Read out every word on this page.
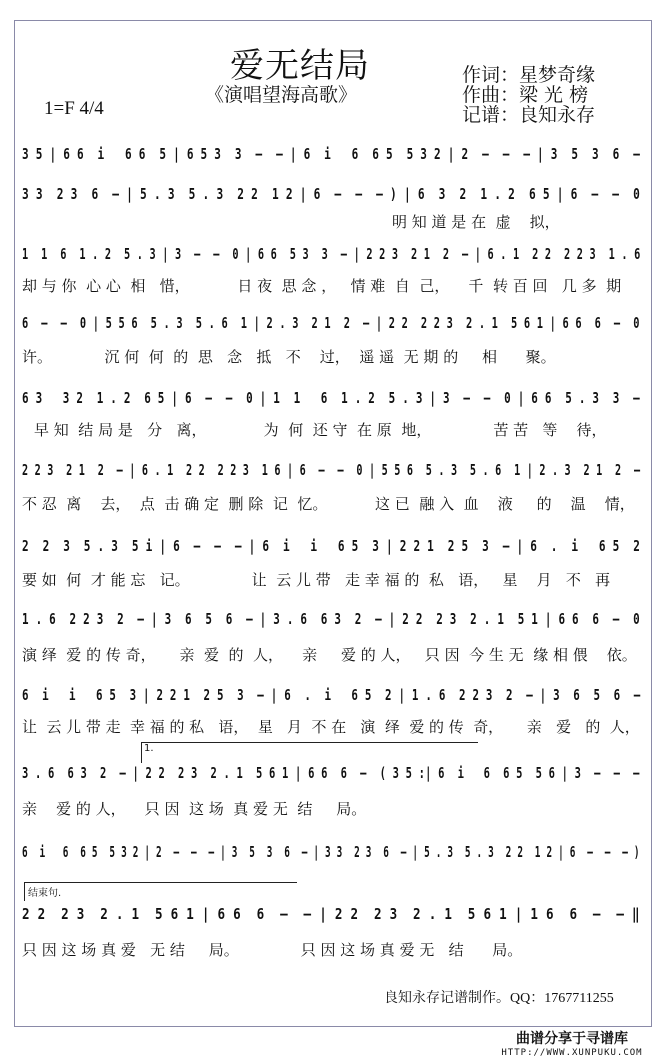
爱无结局
《演唱望海高歌》
作词：星梦奇缘
作曲：梁 光 榜
记谱：良知永存
1=F 4/4
3 5 | 6 6  i   6 6  5 | 6 5 3  3  –  – | 6  i   6  6 5  5 3 2 | 2  –  –  – | 3  5  3  6  –
3 3  2 3  6  – | 5 . 3  5 . 3  2 2  1 2 | 6  –  –  – ) | 6  3  2  1 . 2  6 5 | 6  –  –  0
明 知 道 是 在  虚    拟，
1  1  6  1 . 2  5 . 3 | 3  –  –  0 | 6 6  5 3  3  – | 2 2 3  2 1  2  – | 6 . 1  2 2  2 2 3  1 . 6
却 与 你  心 心  相   惜，          日 夜  思 念 ，   情 难  自  己，    千  转 百 回   几 多  期
6  –  –  0 | 5 5 6  5 . 3  5 . 6  1 | 2 . 3  2 1  2  – | 2 2  2 2 3  2 . 1  5 6 1 | 6 6  6  –  0
许。           沉 何  何  的  思   念   抵   不    过，  遥 遥  无 期 的     相      聚。
6 3   3 2  1 . 2  6 5 | 6  –  –  0 | 1  1   6  1 . 2  5 . 3 | 3  –  –  0 | 6 6  5 . 3  3  –
早 知  结 局 是   分   离，            为  何  还 守  在 原  地，             苦 苦   等    待，
2 2 3  2 1  2  – | 6 . 1  2 2  2 2 3  1 6 | 6  –  –  0 | 5 5 6  5 . 3  5 . 6  1 | 2 . 3  2 1  2  –
不 忍  离    去，  点  击 确 定  删 除  记  忆。          这 已  融 入  血    液     的    温    情，
2  2  3  5 . 3  5 i | 6  –  –  – | 6  i   i   6 5  3 | 2 2 1  2 5  3  – | 6  .  i   6 5  2
要 如  何  才 能 忘   记。             让  云 儿 带   走 幸 福 的  私   语，   星    月   不   再
1 . 6  2 2 3  2  – | 3  6  5  6  – | 3 . 6  6 3  2  – | 2 2  2 3  2 . 1  5 1 | 6 6  6  –  0
演 绎  爱 的 传 奇，     亲  爱  的  人，    亲     爱 的 人，   只 因  今 生 无  缘 相 偎    依。
6  i   i   6 5  3 | 2 2 1  2 5  3  – | 6  .  i   6 5  2 | 1 . 6  2 2 3  2  – | 3  6  5  6  –
让  云 儿 带 走  幸 福 的 私   语，  星   月  不 在   演  绎  爱 的 传  奇，     亲   爱   的  人，
1.
3 . 6  6 3  2  – | 2 2  2 3  2 . 1  5 6 1 | 6 6  6  –  ( 3 5 :| 6  i   6  6 5  5 6 | 3  –  –  –
亲    爱 的 人，    只 因  这 场  真 爱 无  结     局。
6  i   6  6 5  5 3 2 | 2  –  –  – | 3  5  3  6  – | 3 3  2 3  6  – | 5 . 3  5 . 3  2 2  1 2 | 6  –  –  – )
结束句.
2 2  2 3  2 . 1  5 6 1 | 6 6  6  –  – | 2 2  2 3  2 . 1  5 6 1 | 1 6  6  –  – ‖
只 因 这 场 真 爱   无 结     局。             只 因 这 场 真 爱 无   结      局。
良知永存记谱制作。QQ：1767711255
曲谱分享于寻谱库
HTTP://WWW.XUNPUKU.COM
